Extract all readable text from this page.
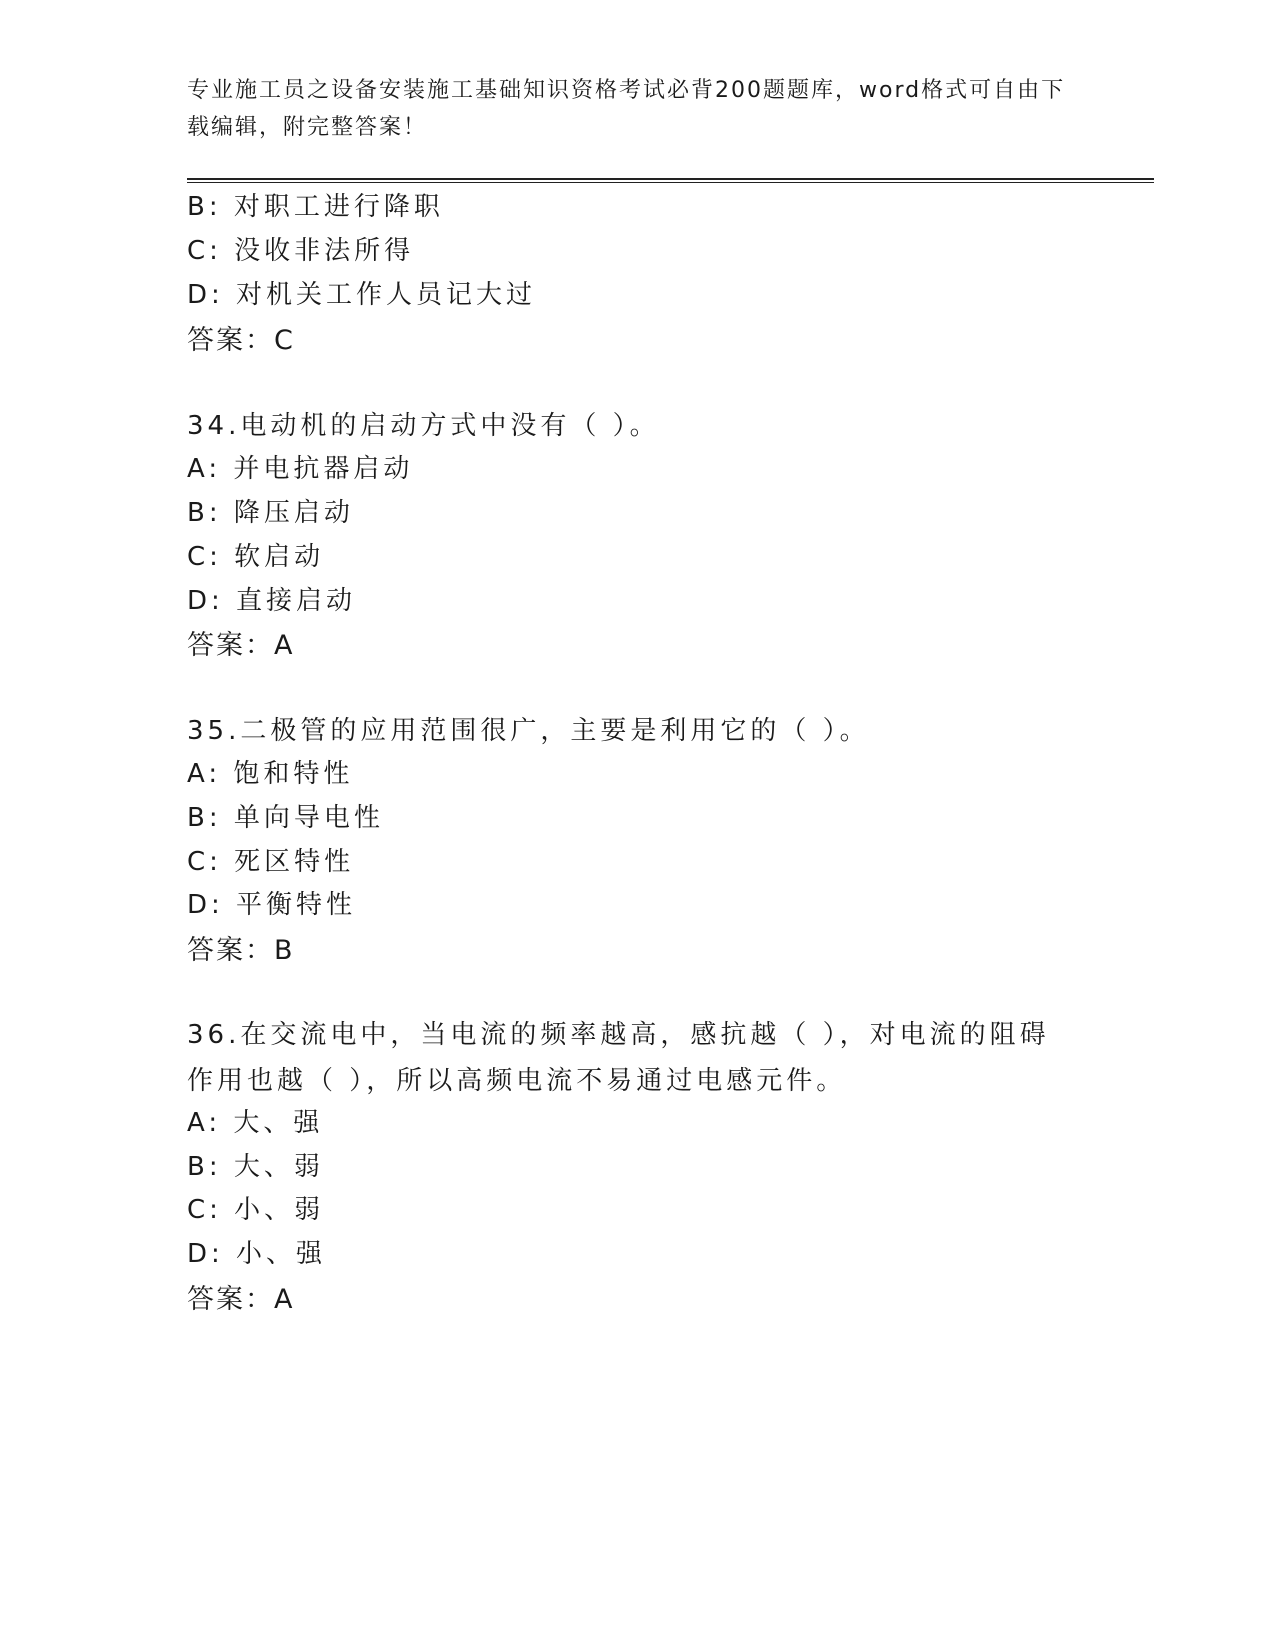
专业施工员之设备安装施工基础知识资格考试必背200题题库，word格式可自由下载编辑，附完整答案！
B: 对职工进行降职
C: 没收非法所得
D: 对机关工作人员记大过
答案：C
34.电动机的启动方式中没有（ ）。
A: 并电抗器启动
B: 降压启动
C: 软启动
D: 直接启动
答案：A
35.二极管的应用范围很广，主要是利用它的（ ）。
A: 饱和特性
B: 单向导电性
C: 死区特性
D: 平衡特性
答案：B
36.在交流电中，当电流的频率越高，感抗越（ ），对电流的阻碍作用也越（ ），所以高频电流不易通过电感元件。
A: 大、强
B: 大、弱
C: 小、弱
D: 小、强
答案：A
